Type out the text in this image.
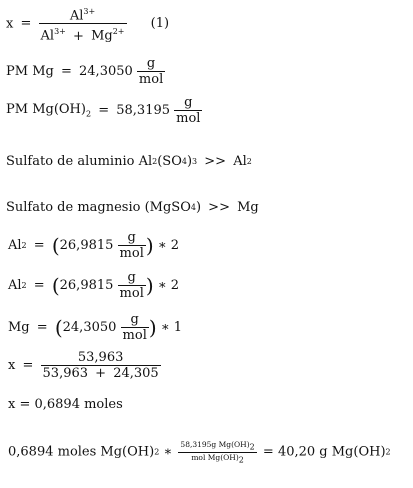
$x = \frac{Al^{3+}}{Al^{3+} + Mg^{2+}} (1)$
PM $Mg = 24,3050 \frac{g}{\text{mol}}$
PM $Mg(OH)_2 = 58,3195 \frac{g}{\text{mol}}$
Sulfato de aluminio Al2(SO4)3 >> Al2
Sulfato de magnesio (MgSO4) >> Mg
$Al2 = (26,9815 \frac{g}{\text{mol}}$ ) ∗ 2
$Al2 = (26,9815 \frac{g}{\text{mol}}$ ) ∗ 2
$Mg = (24,3050 \frac{g}{\text{mol}}$ ) ∗ 1
$x = \frac{53,963}{53,963 + 24,305}$
x = 0,6894 moles
0,6894 moles Mg(OH)2 ∗ $\frac{58,3195g Mg(OH)_2}{mol Mg(OH)_2} = 40,20$ g Mg(OH)2
